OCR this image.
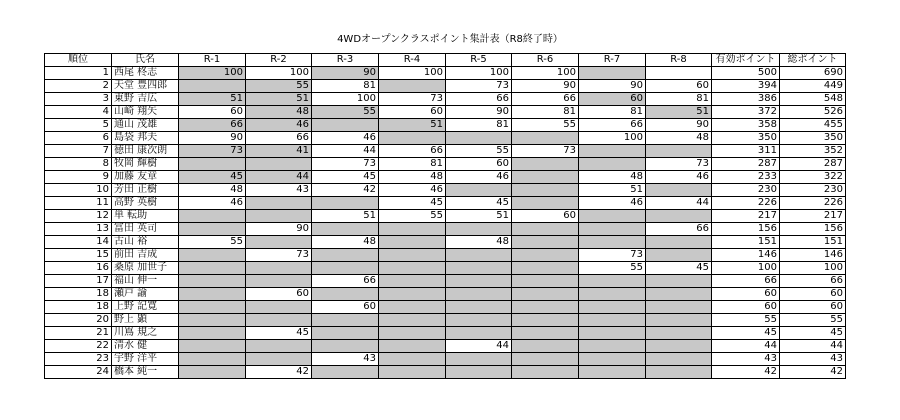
4WDオープンクラスポイント集計表（R8終了時）
順位	氏名	R-1	R-2	R-3	R-4	R-5	R-6	R-7	R-8	有効ポイント	総ポイント
1	西尾 柊志	100	100	90	100	100	100			500	690
2	天堂 豊四郎		55	81		73	90	90	60	394	449
3	東野 吉広	51	51	100	73	66	66	60	81	386	548
4	山崎 翔矢	60	48	55	60	90	81	81	51	372	526
5	通山 茂雄	66	46		51	81	55	66	90	358	455
6	島袋 邦夫	90	66	46				100	48	350	350
7	徳田 康次朗	73	41	44	66	55	73			311	352
8	牧岡 輝樹			73	81	60			73	287	287
9	加藤 友章	45	44	45	48	46		48	46	233	322
10	芳田 正樹	48	43	42	46			51		230	230
11	高野 英樹	46			45	45		46	44	226	226
12	単 転助			51	55	51	60			217	217
13	冨田 英司		90						66	156	156
14	古山 裕	55		48		48				151	151
15	前田 吉成		73					73		146	146
16	桑原 加世子							55	45	100	100
17	福山 伸一			66						66	66
18	瀬戸 諭		60							60	60
18	上野 記寛			60						60	60
20	野上 顕									55	55
21	川嶌 規之		45							45	45
22	清水 健					44				44	44
23	宇野 洋平			43						43	43
24	橋本 純一		42							42	42
